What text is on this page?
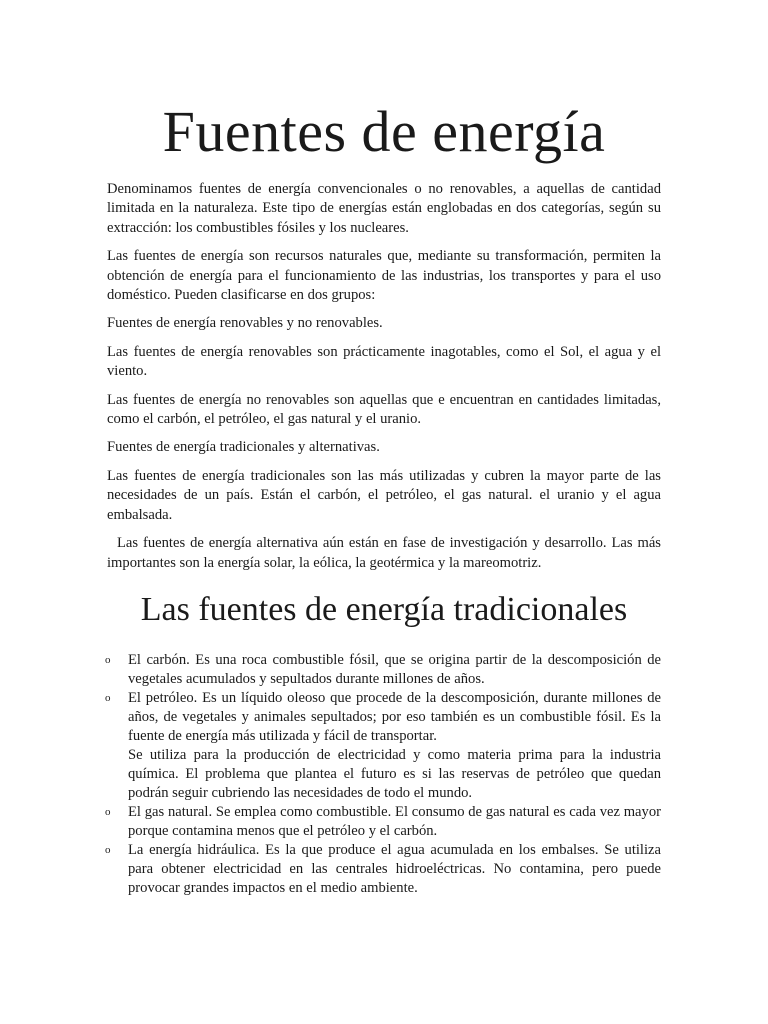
Fuentes de energía

Denominamos fuentes de energía convencionales o no renovables, a aquellas de cantidad limitada en la naturaleza. Este tipo de energías están englobadas en dos categorías, según su extracción: los combustibles fósiles y los nucleares.

Las fuentes de energía son recursos naturales que, mediante su transformación, permiten la obtención de energía para el funcionamiento de las industrias, los transportes y para el uso doméstico. Pueden clasificarse en dos grupos:

Fuentes de energía renovables y no renovables.

Las fuentes de energía renovables son prácticamente inagotables, como el Sol, el agua y el viento.

Las fuentes de energía no renovables son aquellas que e encuentran en cantidades limitadas, como el carbón, el petróleo, el gas natural y el uranio.

Fuentes de energía tradicionales y alternativas.

Las fuentes de energía tradicionales son las más utilizadas y cubren la mayor parte de las necesidades de un país. Están el carbón, el petróleo, el gas natural. el uranio y el agua embalsada.

Las fuentes de energía alternativa aún están en fase de investigación y desarrollo. Las más importantes son la energía solar, la eólica, la geotérmica y la mareomotriz.

Las fuentes de energía tradicionales
o El carbón. Es una roca combustible fósil, que se origina partir de la descomposición de vegetales acumulados y sepultados durante millones de años.
o El petróleo. Es un líquido oleoso que procede de la descomposición, durante millones de años, de vegetales y animales sepultados; por eso también es un combustible fósil. Es la fuente de energía más utilizada y fácil de transportar.
Se utiliza para la producción de electricidad y como materia prima para la industria química. El problema que plantea el futuro es si las reservas de petróleo que quedan podrán seguir cubriendo las necesidades de todo el mundo.
o El gas natural. Se emplea como combustible. El consumo de gas natural es cada vez mayor porque contamina menos que el petróleo y el carbón.
o La energía hidráulica. Es la que produce el agua acumulada en los embalses. Se utiliza para obtener electricidad en las centrales hidroeléctricas. No contamina, pero puede provocar grandes impactos en el medio ambiente.
